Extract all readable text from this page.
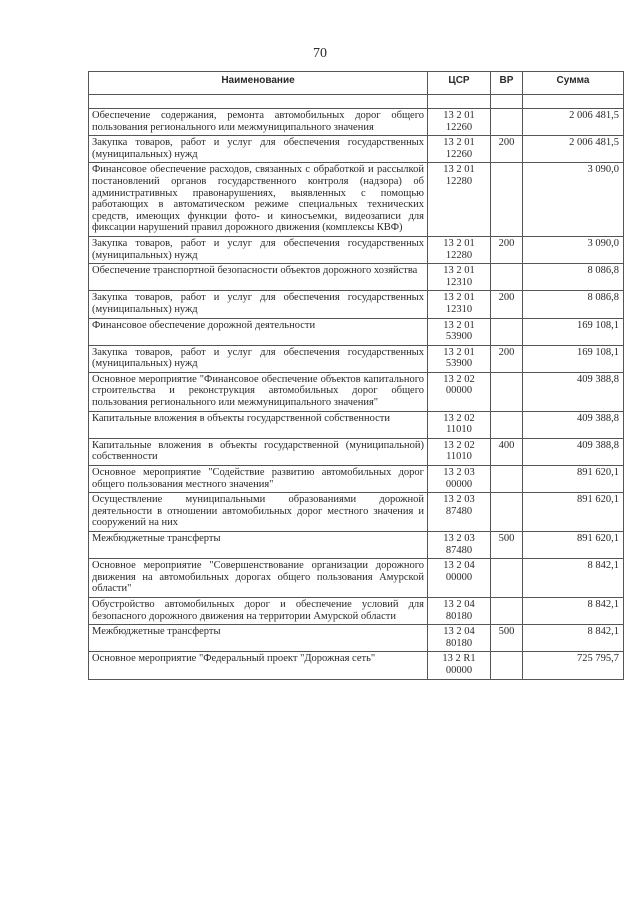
70
Наименование	ЦСР	ВР	Сумма

Обеспечение содержания, ремонта автомобильных дорог общего пользования регионального или межмуниципального значения	13 2 01 12260		2 006 481,5
Закупка товаров, работ и услуг для обеспечения государственных (муниципальных) нужд	13 2 01 12260	200	2 006 481,5
Финансовое обеспечение расходов, связанных с обработкой и рассылкой постановлений органов государственного контроля (надзора) об административных правонарушениях, выявленных с помощью работающих в автоматическом режиме специальных технических средств, имеющих функции фото- и киносъемки, видеозаписи для фиксации нарушений правил дорожного движения (комплексы КВФ)	13 2 01 12280		3 090,0
Закупка товаров, работ и услуг для обеспечения государственных (муниципальных) нужд	13 2 01 12280	200	3 090,0
Обеспечение транспортной безопасности объектов дорожного хозяйства	13 2 01 12310		8 086,8
Закупка товаров, работ и услуг для обеспечения государственных (муниципальных) нужд	13 2 01 12310	200	8 086,8
Финансовое обеспечение дорожной деятельности	13 2 01 53900		169 108,1
Закупка товаров, работ и услуг для обеспечения государственных (муниципальных) нужд	13 2 01 53900	200	169 108,1
Основное мероприятие "Финансовое обеспечение объектов капитального строительства и реконструкция автомобильных дорог общего пользования регионального или межмуниципального значения"	13 2 02 00000		409 388,8
Капитальные вложения в объекты государственной собственности	13 2 02 11010		409 388,8
Капитальные вложения в объекты государственной (муниципальной) собственности	13 2 02 11010	400	409 388,8
Основное мероприятие "Содействие развитию автомобильных дорог общего пользования местного значения"	13 2 03 00000		891 620,1
Осуществление муниципальными образованиями дорожной деятельности в отношении автомобильных дорог местного значения и сооружений на них	13 2 03 87480		891 620,1
Межбюджетные трансферты	13 2 03 87480	500	891 620,1
Основное мероприятие "Совершенствование организации дорожного движения на автомобильных дорогах общего пользования Амурской области"	13 2 04 00000		8 842,1
Обустройство автомобильных дорог и обеспечение условий для безопасного дорожного движения на территории Амурской области	13 2 04 80180		8 842,1
Межбюджетные трансферты	13 2 04 80180	500	8 842,1
Основное мероприятие "Федеральный проект "Дорожная сеть"	13 2 R1 00000		725 795,7
